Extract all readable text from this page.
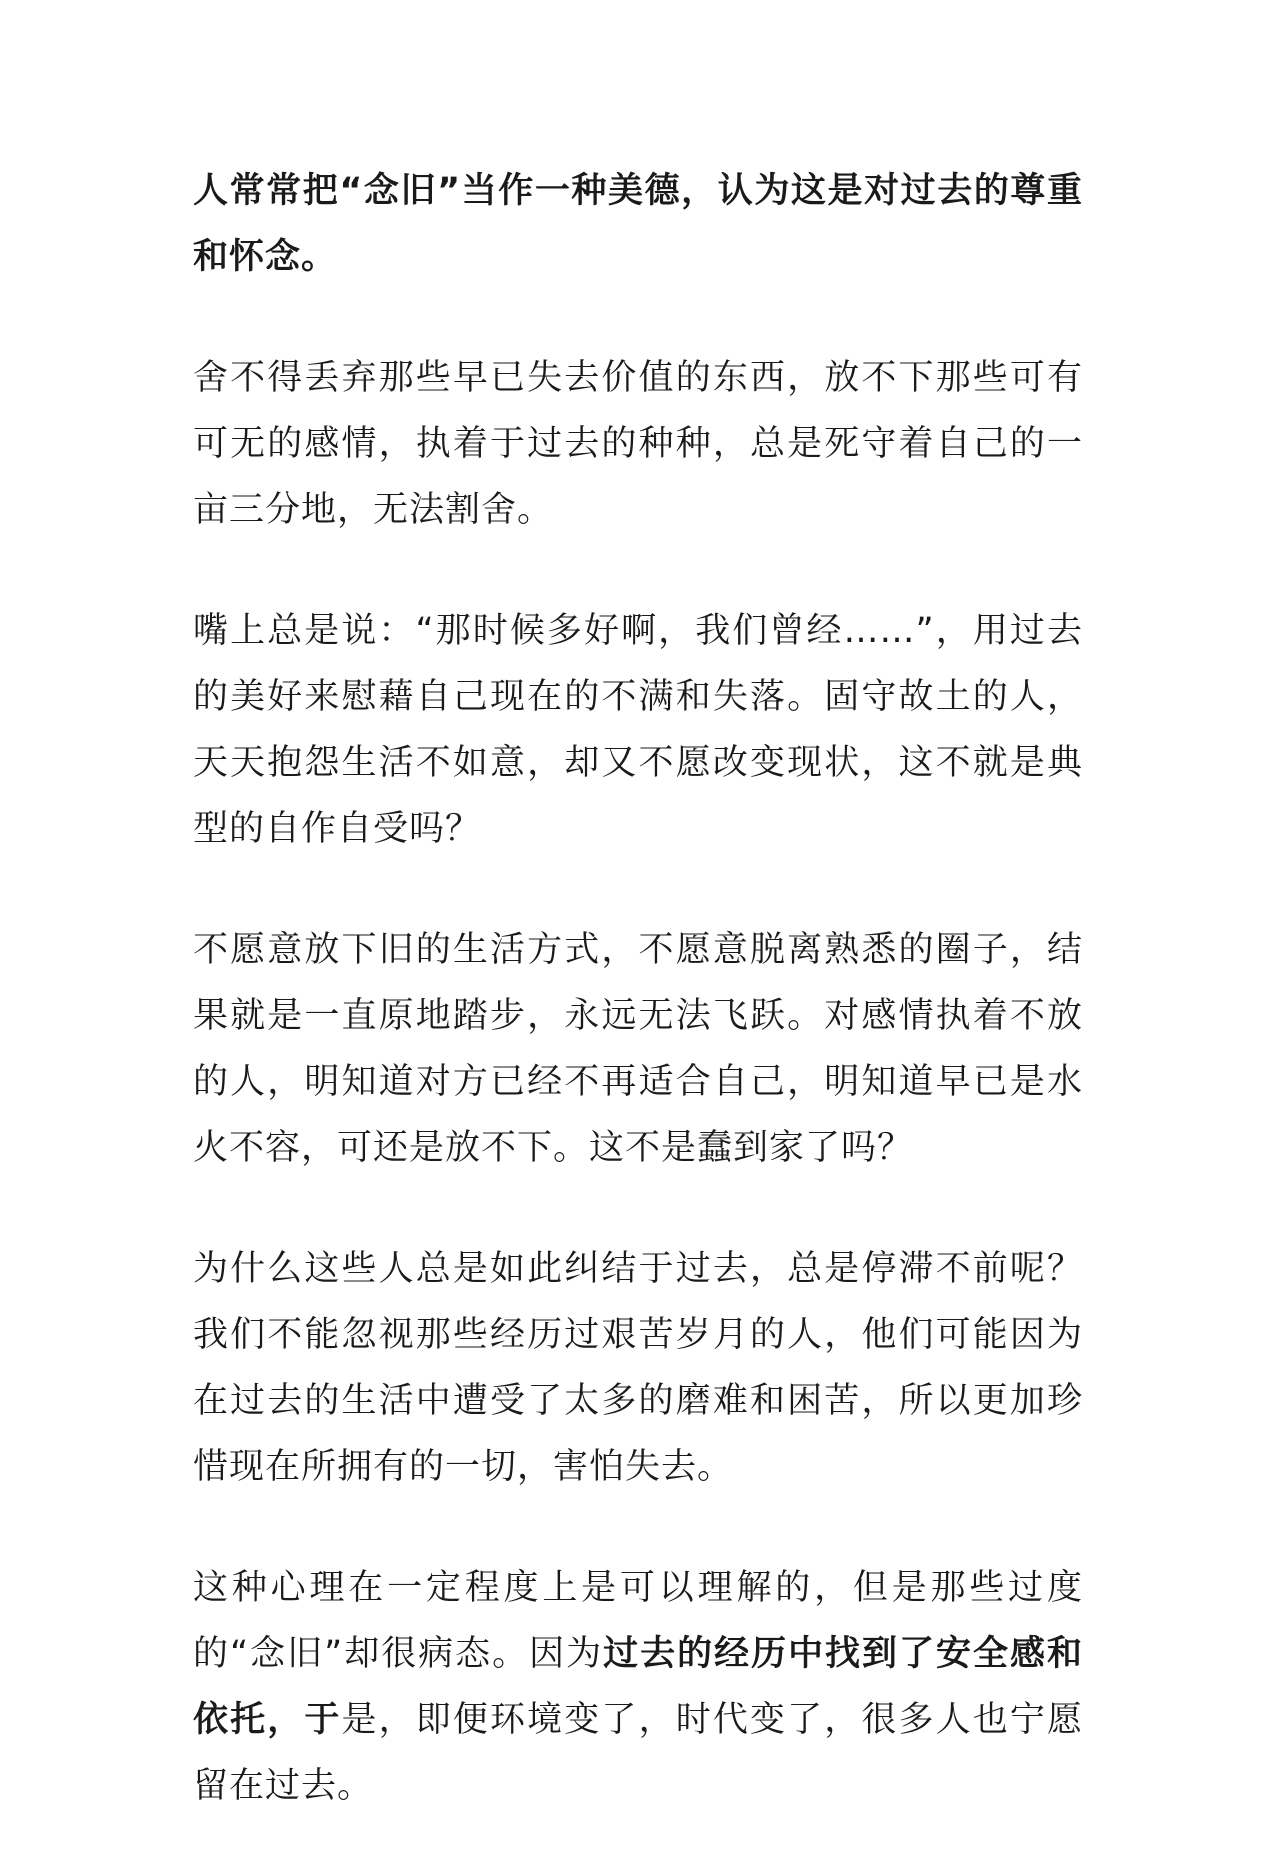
人常常把“念旧”当作一种美德，认为这是对过去的尊重和怀念。

舍不得丢弃那些早已失去价值的东西，放不下那些可有可无的感情，执着于过去的种种，总是死守着自己的一亩三分地，无法割舍。

嘴上总是说：“那时候多好啊，我们曾经……”，用过去的美好来慰藉自己现在的不满和失落。固守故土的人，天天抱怨生活不如意，却又不愿改变现状，这不就是典型的自作自受吗？

不愿意放下旧的生活方式，不愿意脱离熟悉的圈子，结果就是一直原地踏步，永远无法飞跃。对感情执着不放的人，明知道对方已经不再适合自己，明知道早已是水火不容，可还是放不下。这不是蠢到家了吗？

为什么这些人总是如此纠结于过去，总是停滞不前呢？我们不能忽视那些经历过艰苦岁月的人，他们可能因为在过去的生活中遭受了太多的磨难和困苦，所以更加珍惜现在所拥有的一切，害怕失去。

这种心理在一定程度上是可以理解的，但是那些过度的“念旧”却很病态。因为过去的经历中找到了安全感和依托，于是，即便环境变了，时代变了，很多人也宁愿留在过去。
